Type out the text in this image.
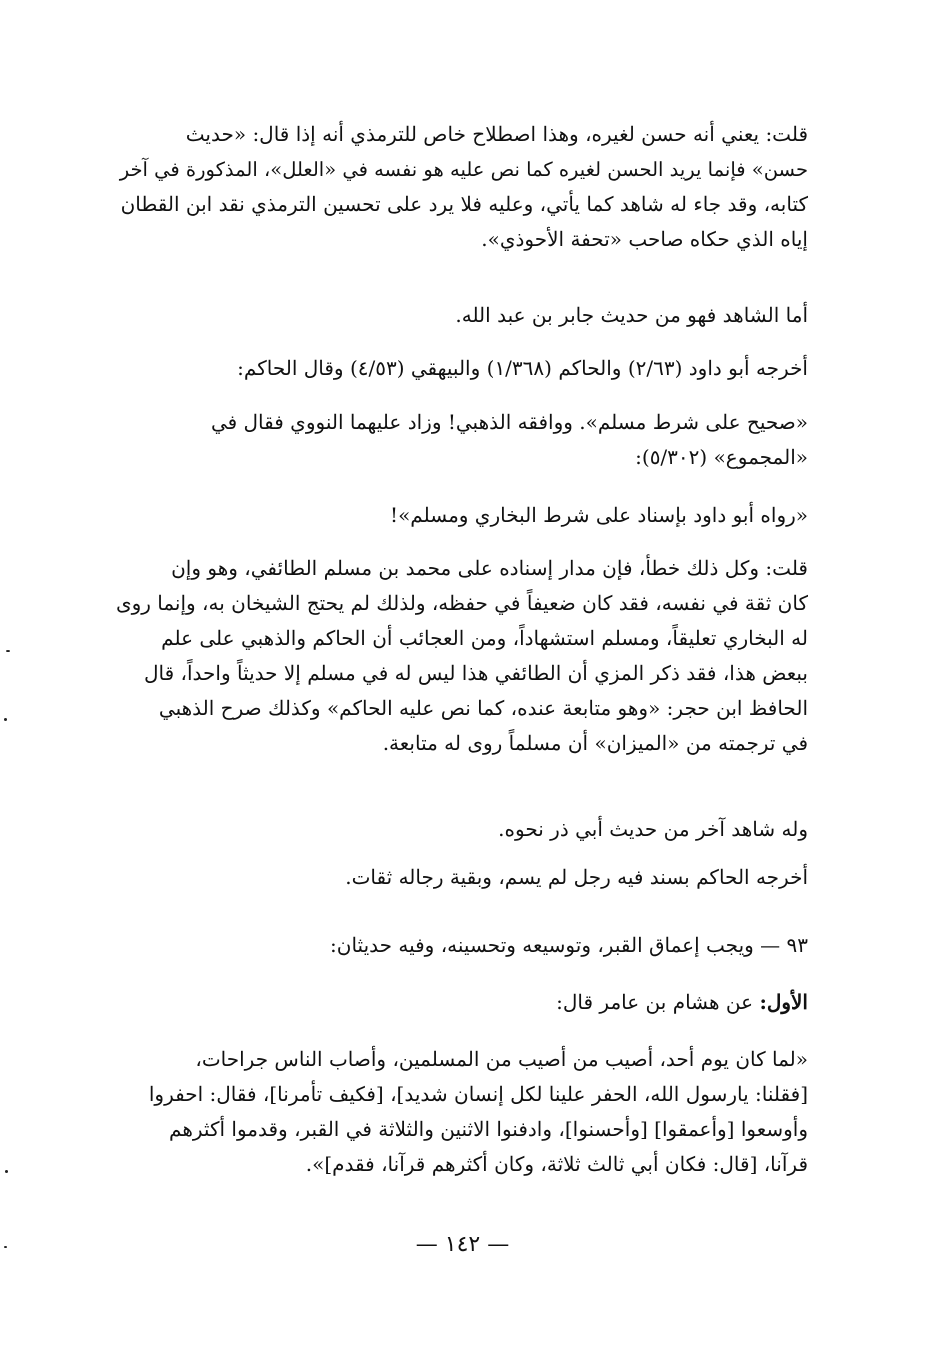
قلت: يعني أنه حسن لغيره، وهذا اصطلاح خاص للترمذي أنه إذا قال: «حديث
حسن» فإنما يريد الحسن لغيره كما نص عليه هو نفسه في «العلل»، المذكورة في آخر
كتابه، وقد جاء له شاهد كما يأتي، وعليه فلا يرد على تحسين الترمذي نقد ابن القطان
إياه الذي حكاه صاحب «تحفة الأحوذي».
أما الشاهد فهو من حديث جابر بن عبد الله.
أخرجه أبو داود (٢/٦٣) والحاكم (١/٣٦٨) والبيهقي (٤/٥٣) وقال الحاكم:
«صحيح على شرط مسلم». ووافقه الذهبي! وزاد عليهما النووي فقال في
«المجموع» (٥/٣٠٢):
«رواه أبو داود بإسناد على شرط البخاري ومسلم»!
قلت: وكل ذلك خطأ، فإن مدار إسناده على محمد بن مسلم الطائفي، وهو وإن
كان ثقة في نفسه، فقد كان ضعيفاً في حفظه، ولذلك لم يحتج الشيخان به، وإنما روى
له البخاري تعليقاً، ومسلم استشهاداً، ومن العجائب أن الحاكم والذهبي على علم
ببعض هذا، فقد ذكر المزي أن الطائفي هذا ليس له في مسلم إلا حديثاً واحداً، قال
الحافظ ابن حجر: «وهو متابعة عنده، كما نص عليه الحاكم» وكذلك صرح الذهبي
في ترجمته من «الميزان» أن مسلماً روى له متابعة.
وله شاهد آخر من حديث أبي ذر نحوه.
أخرجه الحاكم بسند فيه رجل لم يسم، وبقية رجاله ثقات.
٩٣ — ويجب إعماق القبر، وتوسيعه وتحسينه، وفيه حديثان:
الأول: عن هشام بن عامر قال:
«لما كان يوم أحد، أصيب من أصيب من المسلمين، وأصاب الناس جراحات،
[فقلنا: يارسول الله، الحفر علينا لكل إنسان شديد]، [فكيف تأمرنا]، فقال: احفروا
وأوسعوا [وأعمقوا] [وأحسنوا]، وادفنوا الاثنين والثلاثة في القبر، وقدموا أكثرهم
قرآنا، [قال: فكان أبي ثالث ثلاثة، وكان أكثرهم قرآنا، فقدم]».
— ١٤٢ —
